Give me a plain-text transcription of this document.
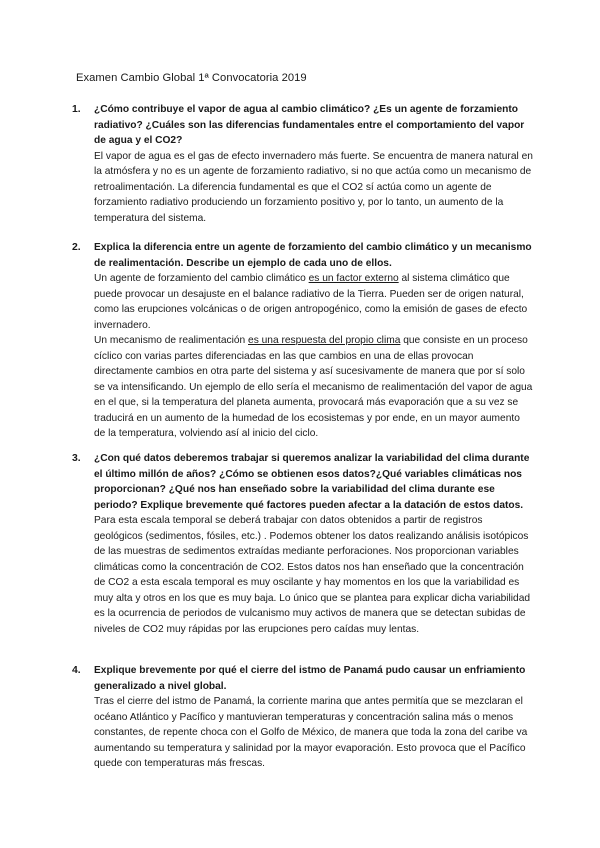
Examen Cambio Global 1ª Convocatoria 2019
1. ¿Cómo contribuye el vapor de agua al cambio climático? ¿Es un agente de forzamiento radiativo? ¿Cuáles son las diferencias fundamentales entre el comportamiento del vapor de agua y el CO2?

El vapor de agua es el gas de efecto invernadero más fuerte. Se encuentra de manera natural en la atmósfera y no es un agente de forzamiento radiativo, si no que actúa como un mecanismo de retroalimentación. La diferencia fundamental es que el CO2 sí actúa como un agente de forzamiento radiativo produciendo un forzamiento positivo y, por lo tanto, un aumento de la temperatura del sistema.

2. Explica la diferencia entre un agente de forzamiento del cambio climático y un mecanismo de realimentación. Describe un ejemplo de cada uno de ellos.

Un agente de forzamiento del cambio climático es un factor externo al sistema climático que puede provocar un desajuste en el balance radiativo de la Tierra. Pueden ser de origen natural, como las erupciones volcánicas o de origen antropogénico, como la emisión de gases de efecto invernadero.

Un mecanismo de realimentación es una respuesta del propio clima que consiste en un proceso cíclico con varias partes diferenciadas en las que cambios en una de ellas provocan directamente cambios en otra parte del sistema y así sucesivamente de manera que por sí solo se va intensificando. Un ejemplo de ello sería el mecanismo de realimentación del vapor de agua en el que, si la temperatura del planeta aumenta, provocará más evaporación que a su vez se traducirá en un aumento de la humedad de los ecosistemas y por ende, en un mayor aumento de la temperatura, volviendo así al inicio del ciclo.

3. ¿Con qué datos deberemos trabajar si queremos analizar la variabilidad del clima durante el último millón de años? ¿Cómo se obtienen esos datos?¿Qué variables climáticas nos proporcionan? ¿Qué nos han enseñado sobre la variabilidad del clima durante ese periodo? Explique brevemente qué factores pueden afectar a la datación de estos datos.

Para esta escala temporal se deberá trabajar con datos obtenidos a partir de registros geológicos (sedimentos, fósiles, etc.) . Podemos obtener los datos realizando análisis isotópicos de las muestras de sedimentos extraídas mediante perforaciones. Nos proporcionan variables climáticas como la concentración de CO2. Estos datos nos han enseñado que la concentración de CO2 a esta escala temporal es muy oscilante y hay momentos en los que la variabilidad es muy alta y otros en los que es muy baja. Lo único que se plantea para explicar dicha variabilidad es la ocurrencia de periodos de vulcanismo muy activos de manera que se detectan subidas de niveles de CO2 muy rápidas por las erupciones pero caídas muy lentas.

4. Explique brevemente por qué el cierre del istmo de Panamá pudo causar un enfriamiento generalizado a nivel global.

Tras el cierre del istmo de Panamá, la corriente marina que antes permitía que se mezclaran el océano Atlántico y Pacífico y mantuvieran temperaturas y concentración salina más o menos constantes, de repente choca con el Golfo de México, de manera que toda la zona del caribe va aumentando su temperatura y salinidad por la mayor evaporación. Esto provoca que el Pacífico quede con temperaturas más frescas.
